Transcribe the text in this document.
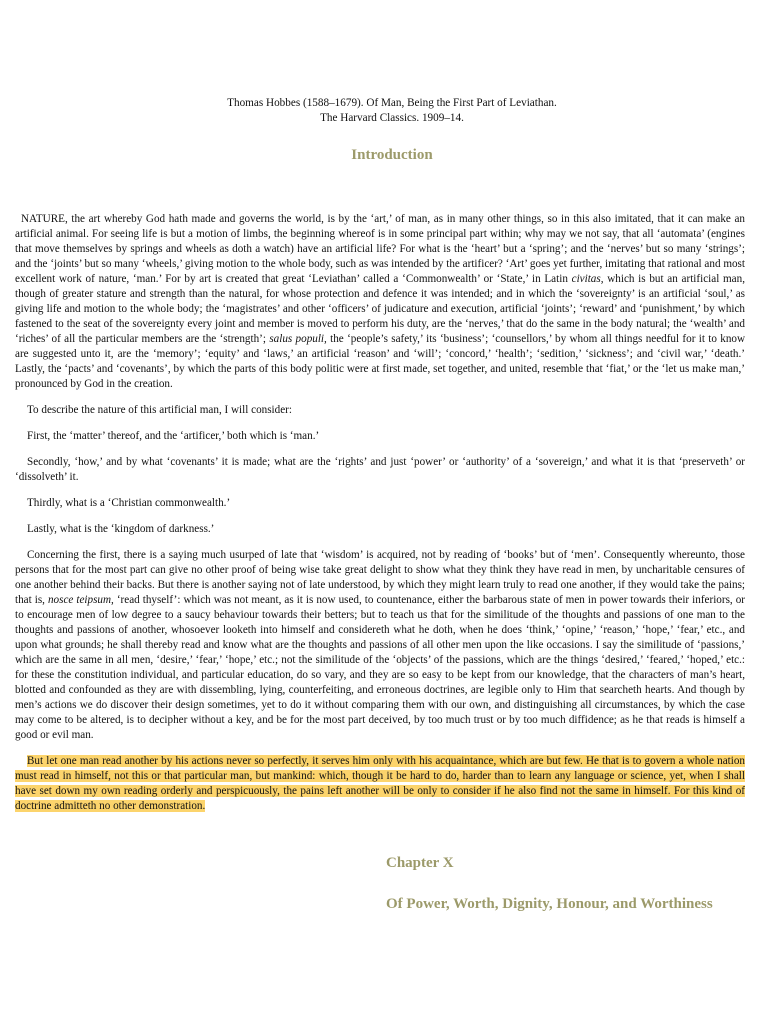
Thomas Hobbes (1588–1679). Of Man, Being the First Part of Leviathan.
The Harvard Classics. 1909–14.
Introduction

NATURE, the art whereby God hath made and governs the world, is by the ‘art,’ of man, as in many other things, so in this also imitated, that it can make an artificial animal. For seeing life is but a motion of limbs, the beginning whereof is in some principal part within; why may we not say, that all ‘automata’ (engines that move themselves by springs and wheels as doth a watch) have an artificial life? For what is the ‘heart’ but a ‘spring’; and the ‘nerves’ but so many ‘strings’; and the ‘joints’ but so many ‘wheels,’ giving motion to the whole body, such as was intended by the artificer? ‘Art’ goes yet further, imitating that rational and most excellent work of nature, ‘man.’ For by art is created that great ‘Leviathan’ called a ‘Commonwealth’ or ‘State,’ in Latin civitas, which is but an artificial man, though of greater stature and strength than the natural, for whose protection and defence it was intended; and in which the ‘sovereignty’ is an artificial ‘soul,’ as giving life and motion to the whole body; the ‘magistrates’ and other ‘officers’ of judicature and execution, artificial ‘joints’; ‘reward’ and ‘punishment,’ by which fastened to the seat of the sovereignty every joint and member is moved to perform his duty, are the ‘nerves,’ that do the same in the body natural; the ‘wealth’ and ‘riches’ of all the particular members are the ‘strength’; salus populi, the ‘people’s safety,’ its ‘business’; ‘counsellors,’ by whom all things needful for it to know are suggested unto it, are the ‘memory’; ‘equity’ and ‘laws,’ an artificial ‘reason’ and ‘will’; ‘concord,’ ‘health’; ‘sedition,’ ‘sickness’; and ‘civil war,’ ‘death.’ Lastly, the ‘pacts’ and ‘covenants’, by which the parts of this body politic were at first made, set together, and united, resemble that ‘fiat,’ or the ‘let us make man,’ pronounced by God in the creation.

To describe the nature of this artificial man, I will consider:

First, the ‘matter’ thereof, and the ‘artificer,’ both which is ‘man.’

Secondly, ‘how,’ and by what ‘covenants’ it is made; what are the ‘rights’ and just ‘power’ or ‘authority’ of a ‘sovereign,’ and what it is that ‘preserveth’ or ‘dissolveth’ it.

Thirdly, what is a ‘Christian commonwealth.’

Lastly, what is the ‘kingdom of darkness.’

Concerning the first, there is a saying much usurped of late that ‘wisdom’ is acquired, not by reading of ‘books’ but of ‘men’. Consequently whereunto, those persons that for the most part can give no other proof of being wise take great delight to show what they think they have read in men, by uncharitable censures of one another behind their backs. But there is another saying not of late understood, by which they might learn truly to read one another, if they would take the pains; that is, nosce teipsum, ‘read thyself’: which was not meant, as it is now used, to countenance, either the barbarous state of men in power towards their inferiors, or to encourage men of low degree to a saucy behaviour towards their betters; but to teach us that for the similitude of the thoughts and passions of one man to the thoughts and passions of another, whosoever looketh into himself and considereth what he doth, when he does ‘think,’ ‘opine,’ ‘reason,’ ‘hope,’ ‘fear,’ etc., and upon what grounds; he shall thereby read and know what are the thoughts and passions of all other men upon the like occasions. I say the similitude of ‘passions,’ which are the same in all men, ‘desire,’ ‘fear,’ ‘hope,’ etc.; not the similitude of the ‘objects’ of the passions, which are the things ‘desired,’ ‘feared,’ ‘hoped,’ etc.: for these the constitution individual, and particular education, do so vary, and they are so easy to be kept from our knowledge, that the characters of man’s heart, blotted and confounded as they are with dissembling, lying, counterfeiting, and erroneous doctrines, are legible only to Him that searcheth hearts. And though by men’s actions we do discover their design sometimes, yet to do it without comparing them with our own, and distinguishing all circumstances, by which the case may come to be altered, is to decipher without a key, and be for the most part deceived, by too much trust or by too much diffidence; as he that reads is himself a good or evil man.

But let one man read another by his actions never so perfectly, it serves him only with his acquaintance, which are but few. He that is to govern a whole nation must read in himself, not this or that particular man, but mankind: which, though it be hard to do, harder than to learn any language or science, yet, when I shall have set down my own reading orderly and perspicuously, the pains left another will be only to consider if he also find not the same in himself. For this kind of doctrine admitteth no other demonstration.

Chapter X
Of Power, Worth, Dignity, Honour, and Worthiness
